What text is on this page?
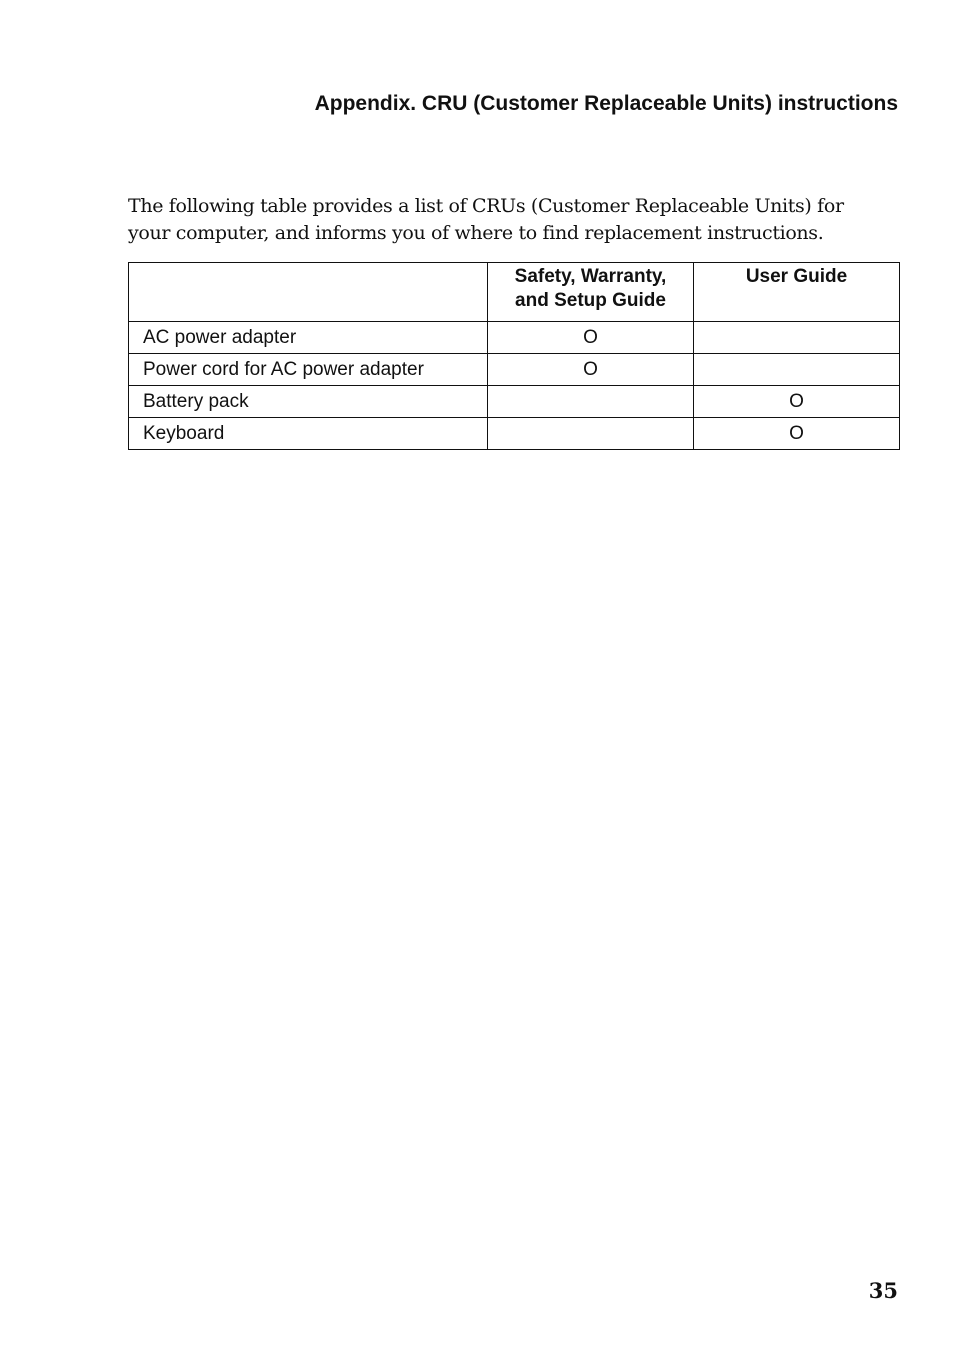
Appendix. CRU (Customer Replaceable Units) instructions

The following table provides a list of CRUs (Customer Replaceable Units) for
your computer, and informs you of where to find replacement instructions.

	Safety, Warranty,
and Setup Guide	User Guide
AC power adapter	O	
Power cord for AC power adapter	O	
Battery pack		O
Keyboard		O
35
